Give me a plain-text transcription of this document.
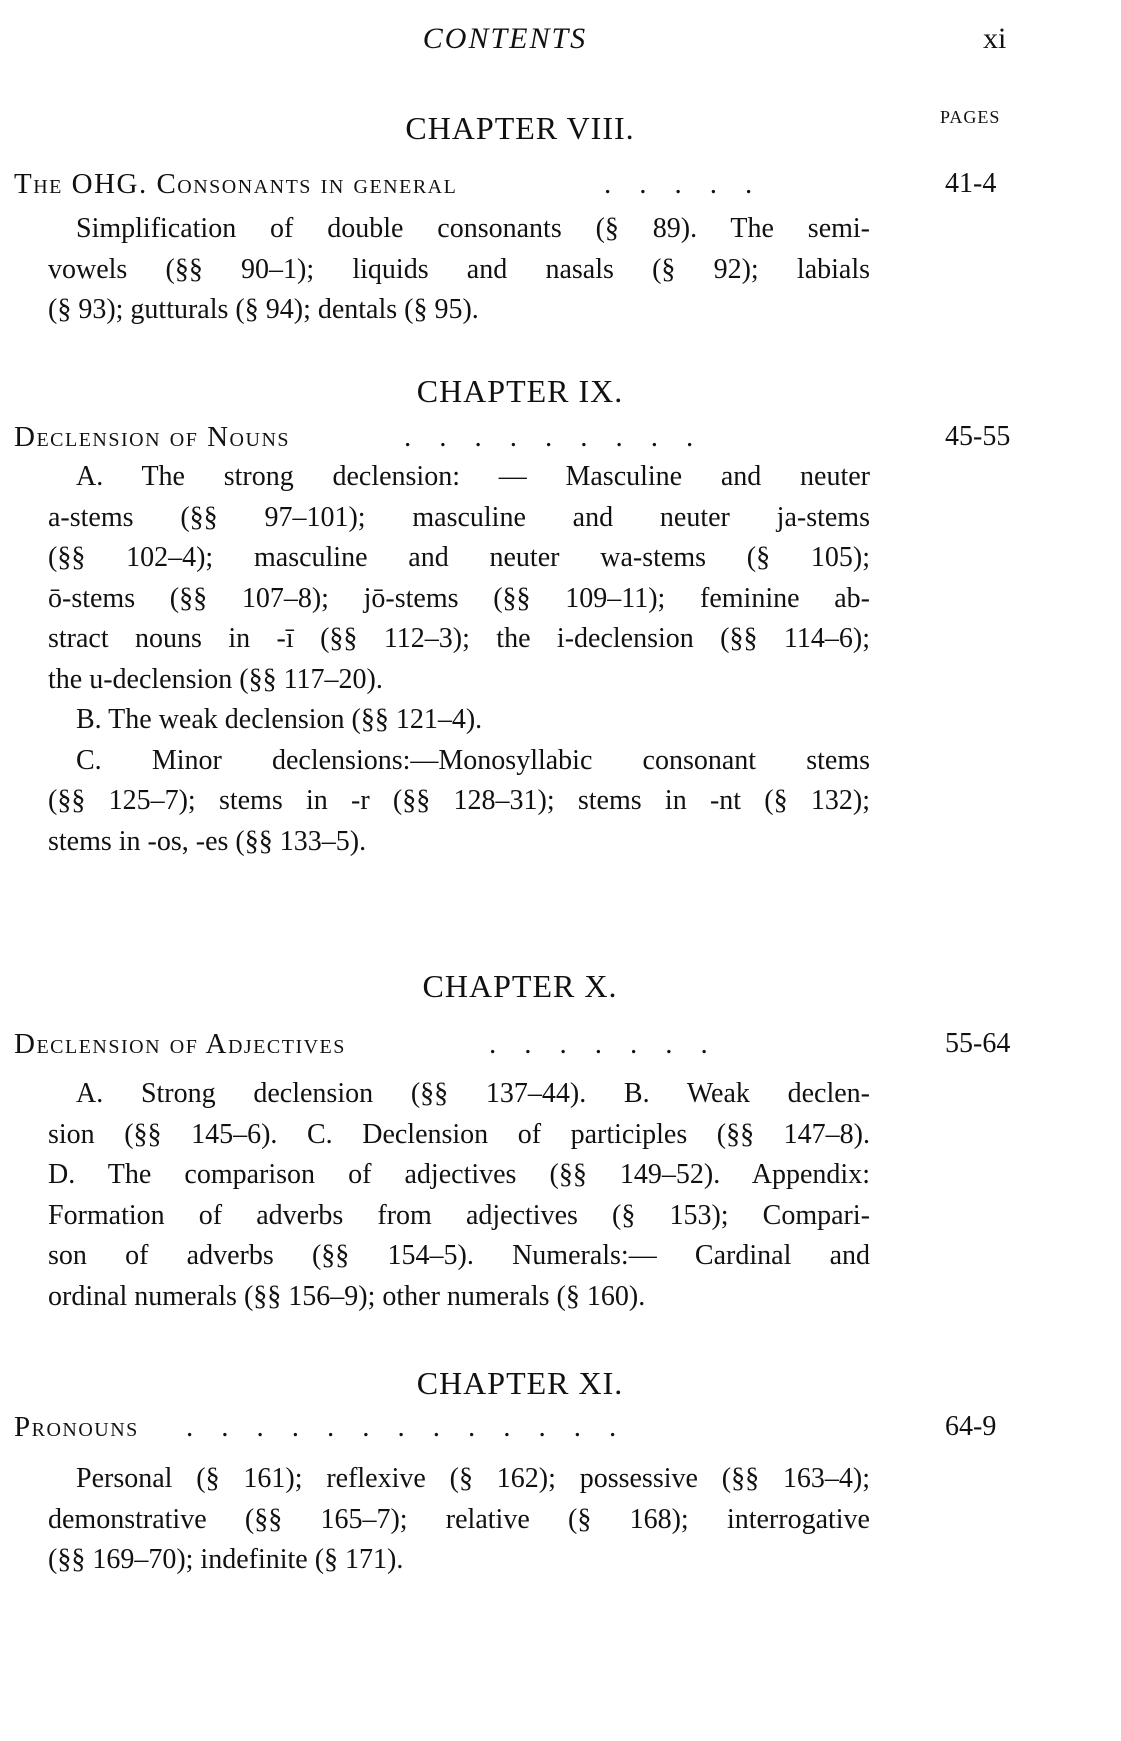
CONTENTS	xi
PAGES
CHAPTER VIII.
The OHG. Consonants in general	.....	41-4
Simplification of double consonants (§ 89). The semi-
vowels (§§ 90–1); liquids and nasals (§ 92); labials
(§ 93); gutturals (§ 94); dentals (§ 95).
CHAPTER IX.
Declension of Nouns	.........	45-55
A. The strong declension: — Masculine and neuter
a-stems (§§ 97–101); masculine and neuter ja-stems
(§§ 102–4); masculine and neuter wa-stems (§ 105);
ō-stems (§§ 107–8); jō-stems (§§ 109–11); feminine ab-
stract nouns in -ī (§§ 112–3); the i-declension (§§ 114–6);
the u-declension (§§ 117–20).
B. The weak declension (§§ 121–4).
C. Minor declensions:—Monosyllabic consonant stems
(§§ 125–7); stems in -r (§§ 128–31); stems in -nt (§ 132);
stems in -os, -es (§§ 133–5).
CHAPTER X.
Declension of Adjectives	.......	55-64
A. Strong declension (§§ 137–44). B. Weak declen-
sion (§§ 145–6). C. Declension of participles (§§ 147–8).
D. The comparison of adjectives (§§ 149–52). Appendix:
Formation of adverbs from adjectives (§ 153); Compari-
son of adverbs (§§ 154–5). Numerals:— Cardinal and
ordinal numerals (§§ 156–9); other numerals (§ 160).
CHAPTER XI.
Pronouns .............	64-9
Personal (§ 161); reflexive (§ 162); possessive (§§ 163–4);
demonstrative (§§ 165–7); relative (§ 168); interrogative
(§§ 169–70); indefinite (§ 171).
